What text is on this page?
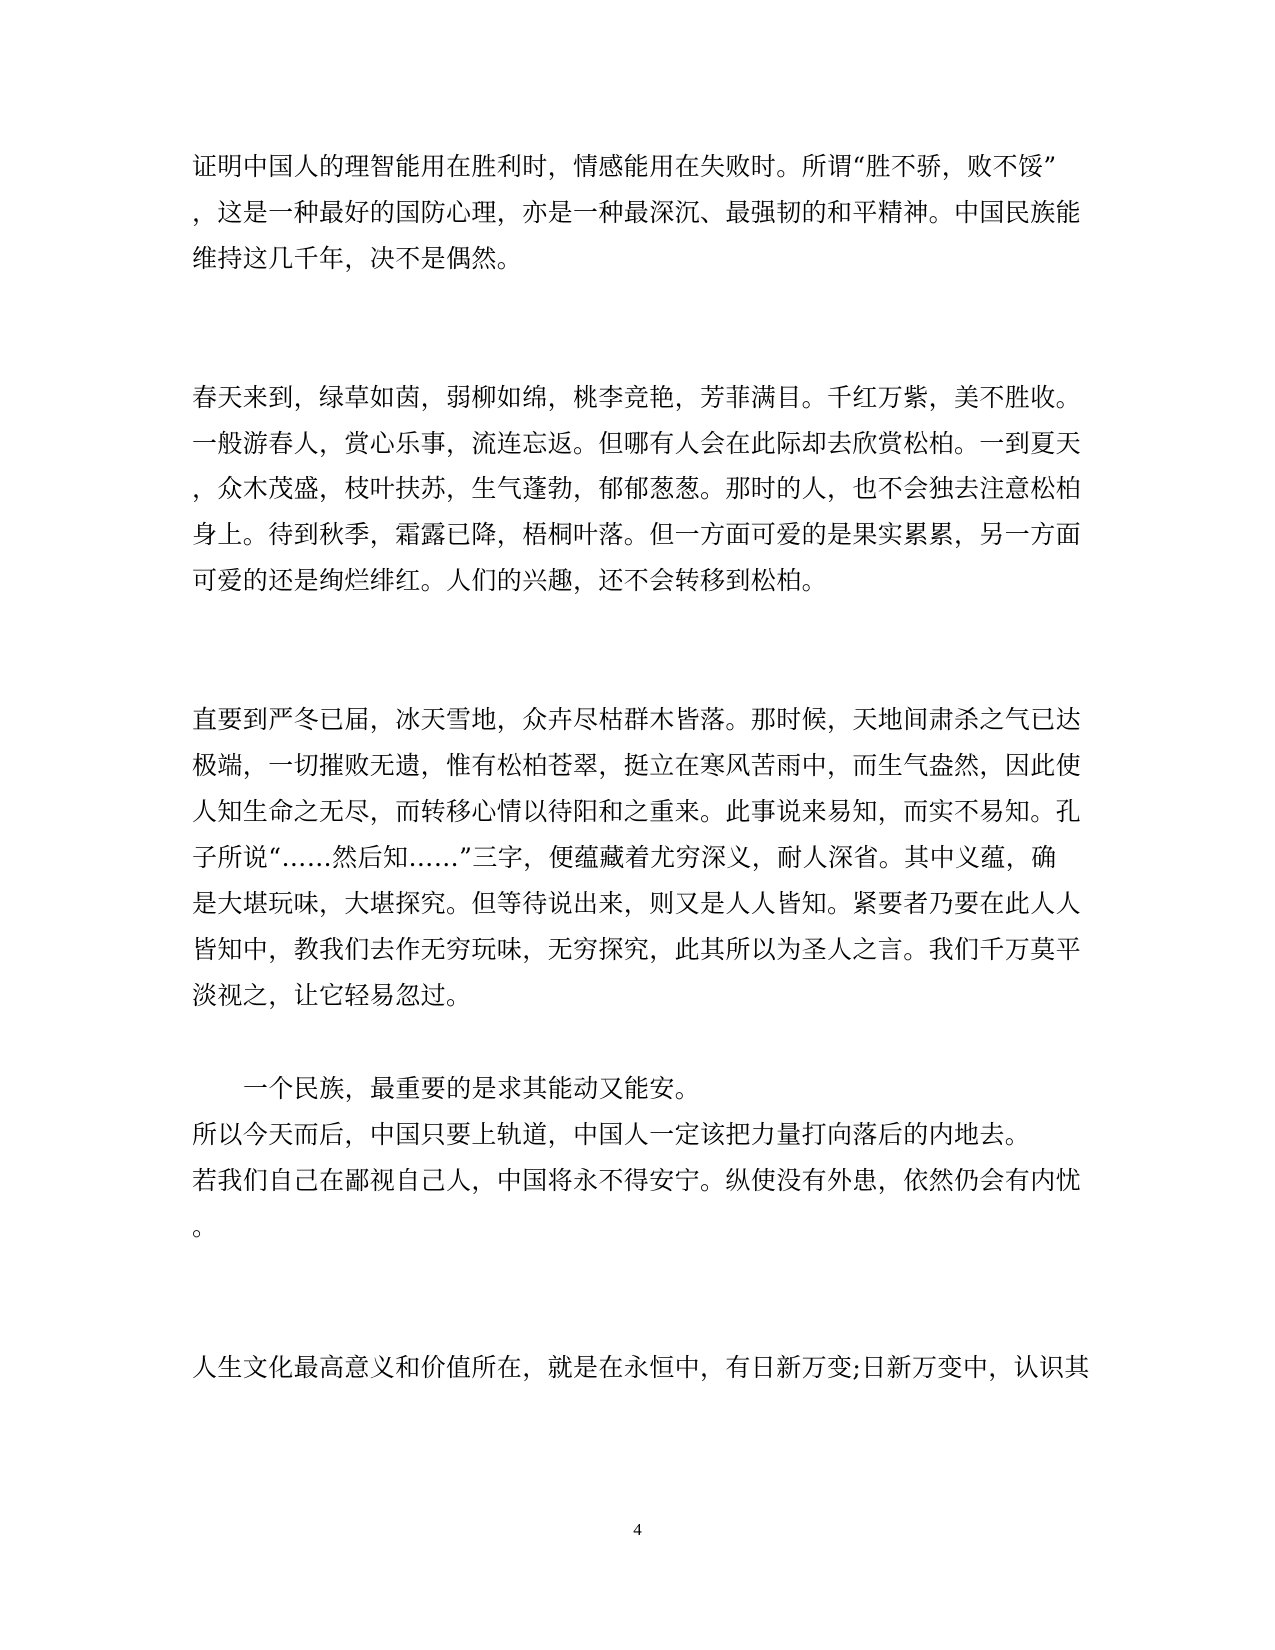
证明中国人的理智能用在胜利时，情感能用在失败时。所谓“胜不骄，败不馁”
，这是一种最好的国防心理，亦是一种最深沉、最强韧的和平精神。中国民族能
维持这几千年，决不是偶然。
春天来到，绿草如茵，弱柳如绵，桃李竞艳，芳菲满目。千红万紫，美不胜收。
一般游春人，赏心乐事，流连忘返。但哪有人会在此际却去欣赏松柏。一到夏天
，众木茂盛，枝叶扶苏，生气蓬勃，郁郁葱葱。那时的人，也不会独去注意松柏
身上。待到秋季，霜露已降，梧桐叶落。但一方面可爱的是果实累累，另一方面
可爱的还是绚烂绯红。人们的兴趣，还不会转移到松柏。
直要到严冬已届，冰天雪地，众卉尽枯群木皆落。那时候，天地间肃杀之气已达
极端，一切摧败无遗，惟有松柏苍翠，挺立在寒风苦雨中，而生气盎然，因此使
人知生命之无尽，而转移心情以待阳和之重来。此事说来易知，而实不易知。孔
子所说“……然后知……”三字，便蕴藏着尤穷深义，耐人深省。其中义蕴，确
是大堪玩味，大堪探究。但等待说出来，则又是人人皆知。紧要者乃要在此人人
皆知中，教我们去作无穷玩味，无穷探究，此其所以为圣人之言。我们千万莫平
淡视之，让它轻易忽过。
一个民族，最重要的是求其能动又能安。
所以今天而后，中国只要上轨道，中国人一定该把力量打向落后的内地去。
若我们自己在鄙视自己人，中国将永不得安宁。纵使没有外患，依然仍会有内忧
。
人生文化最高意义和价值所在，就是在永恒中，有日新万变;日新万变中，认识其
4
